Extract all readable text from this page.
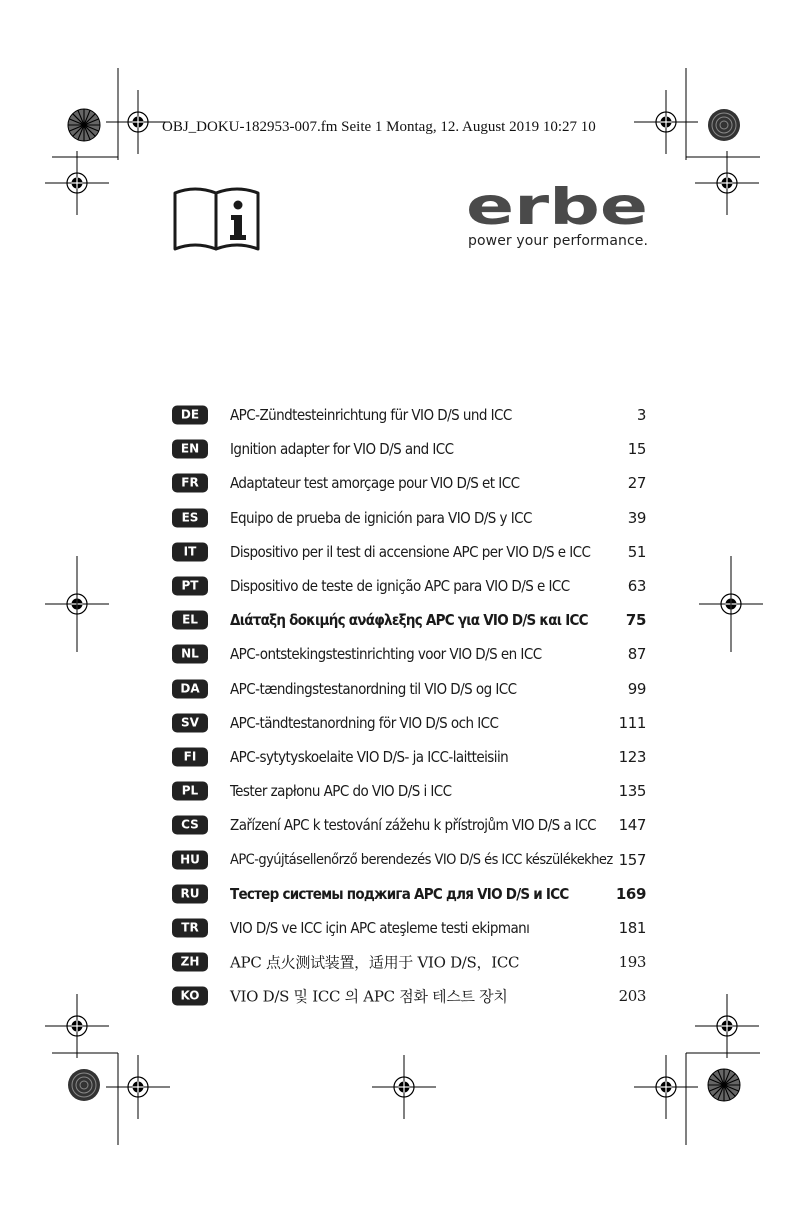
OBJ_DOKU-182953-007.fm Seite 1 Montag, 12. August 2019 10:27 10
erbe
power your performance.
DE	APC-Zündtesteinrichtung für VIO D/S und ICC	3
EN	Ignition adapter for VIO D/S and ICC	15
FR	Adaptateur test amorçage pour VIO D/S et ICC	27
ES	Equipo de prueba de ignición para VIO D/S y ICC	39
IT	Dispositivo per il test di accensione APC per VIO D/S e ICC 51
PT	Dispositivo de teste de ignição APC para VIO D/S e ICC	63
EL	Διάταξη δοκιμής ανάφλεξης APC για VIO D/S και ICC	75
NL	APC-ontstekingstestinrichting voor VIO D/S en ICC	87
DA	APC-tændingstestanordning til VIO D/S og ICC	99
SV	APC-tändtestanordning för VIO D/S och ICC	111
FI	APC-sytytyskoelaite VIO D/S- ja ICC-laitteisiin	123
PL	Tester zapłonu APC do VIO D/S i ICC	135
CS	Zařízení APC k testování zážehu k přístrojům VIO D/S a ICC 147
HU	APC-gyújtásellenőrző berendezés VIO D/S és ICC készülékekhez 157
RU	Тестер системы поджига APC для VIO D/S и ICC	169
TR	VIO D/S ve ICC için APC ateşleme testi ekipmanı	181
ZH	APC 点火测试装置，适用于 VIO D/S，ICC	193
KO	VIO D/S 및 ICC 의 APC 점화 테스트 장치	203
